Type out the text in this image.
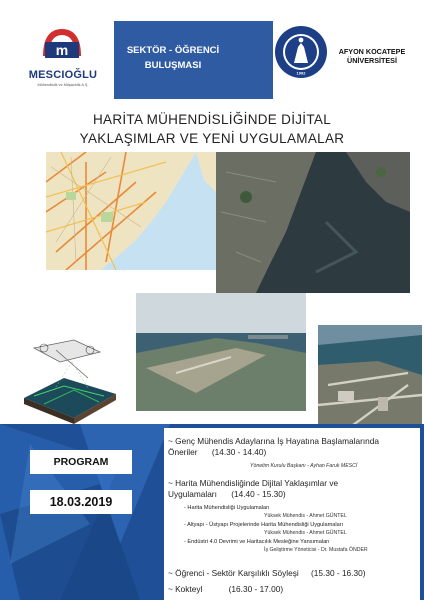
m
MESCIOĞLU
Mühendislik ve Müşavirlik A.Ş.
SEKTÖR - ÖĞRENCİ BULUŞMASI
1992
AFYON KOCATEPE ÜNİVERSİTESİ
HARİTA MÜHENDİSLİĞİNDE DİJİTAL
YAKLAŞIMLAR VE YENİ UYGULAMALAR
PROGRAM
18.03.2019
~ Genç Mühendis Adaylarına İş Hayatına Başlamalarında
Öneriler (14.30 - 14.40)
Yönetim Kurulu Başkanı - Ayhan Faruk MESCİ
~ Harita Mühendisliğinde Dijital Yaklaşımlar ve
Uygulamaları (14.40 - 15.30)
- Harita Mühendisliği Uygulamaları
Yüksek Mühendis - Ahmet GÜNTEL
- Altyapı - Üstyapı Projelerinde Harita Mühendisliği Uygulamaları
Yüksek Mühendis - Ahmet GÜNTEL
- Endüstri 4.0 Devrimi ve Haritacılık Mesleğine Yansımaları
İş Geliştirme Yöneticisi - Dr. Mustafa ÖNDER
~ Öğrenci - Sektör Karşılıklı Söyleşi (15.30 - 16.30)
~ Kokteyl	(16.30 - 17.00)
